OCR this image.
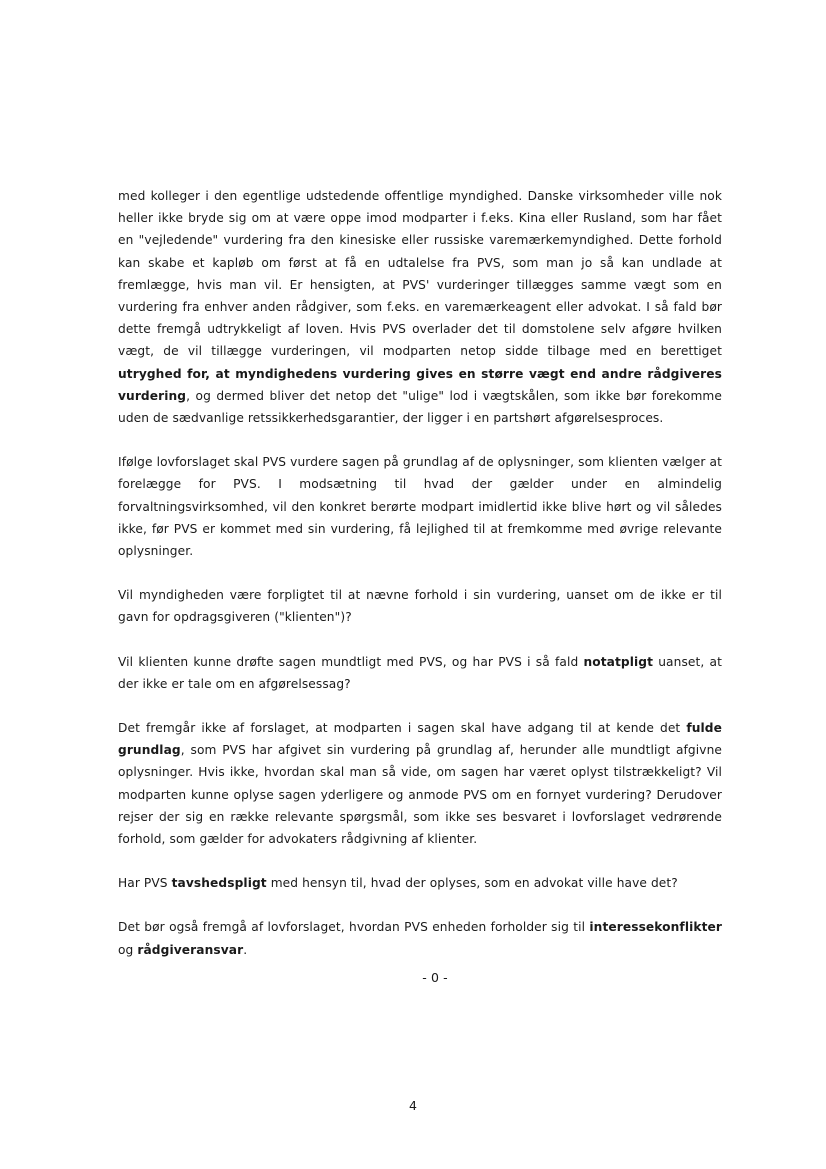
med kolleger i den egentlige udstedende offentlige myndighed. Danske virksomheder ville nok heller ikke bryde sig om at være oppe imod modparter i f.eks. Kina eller Rusland, som har fået en "vejledende" vurdering fra den kinesiske eller russiske varemærkemyndighed. Dette forhold kan skabe et kapløb om først at få en udtalelse fra PVS, som man jo så kan undlade at fremlægge, hvis man vil. Er hensigten, at PVS' vurderinger tillægges samme vægt som en vurdering fra enhver anden rådgiver, som f.eks. en varemærkeagent eller advokat. I så fald bør dette fremgå udtrykkeligt af loven. Hvis PVS overlader det til domstolene selv afgøre hvilken vægt, de vil tillægge vurderingen, vil modparten netop sidde tilbage med en berettiget utryghed for, at myndighedens vurdering gives en større vægt end andre rådgiveres vurdering, og dermed bliver det netop det "ulige" lod i vægtskålen, som ikke bør forekomme uden de sædvanlige retssikkerhedsgarantier, der ligger i en partshørt afgørelsesproces.

Ifølge lovforslaget skal PVS vurdere sagen på grundlag af de oplysninger, som klienten vælger at forelægge for PVS. I modsætning til hvad der gælder under en almindelig forvaltningsvirksomhed, vil den konkret berørte modpart imidlertid ikke blive hørt og vil således ikke, før PVS er kommet med sin vurdering, få lejlighed til at fremkomme med øvrige relevante oplysninger.

Vil myndigheden være forpligtet til at nævne forhold i sin vurdering, uanset om de ikke er til gavn for opdragsgiveren ("klienten")?

Vil klienten kunne drøfte sagen mundtligt med PVS, og har PVS i så fald notatpligt uanset, at der ikke er tale om en afgørelsessag?

Det fremgår ikke af forslaget, at modparten i sagen skal have adgang til at kende det fulde grundlag, som PVS har afgivet sin vurdering på grundlag af, herunder alle mundtligt afgivne oplysninger. Hvis ikke, hvordan skal man så vide, om sagen har været oplyst tilstrækkeligt? Vil modparten kunne oplyse sagen yderligere og anmode PVS om en fornyet vurdering? Derudover rejser der sig en række relevante spørgsmål, som ikke ses besvaret i lovforslaget vedrørende forhold, som gælder for advokaters rådgivning af klienter.

Har PVS tavshedspligt med hensyn til, hvad der oplyses, som en advokat ville have det?

Det bør også fremgå af lovforslaget, hvordan PVS enheden forholder sig til interessekonflikter og rådgiveransvar.

- 0 -
4
